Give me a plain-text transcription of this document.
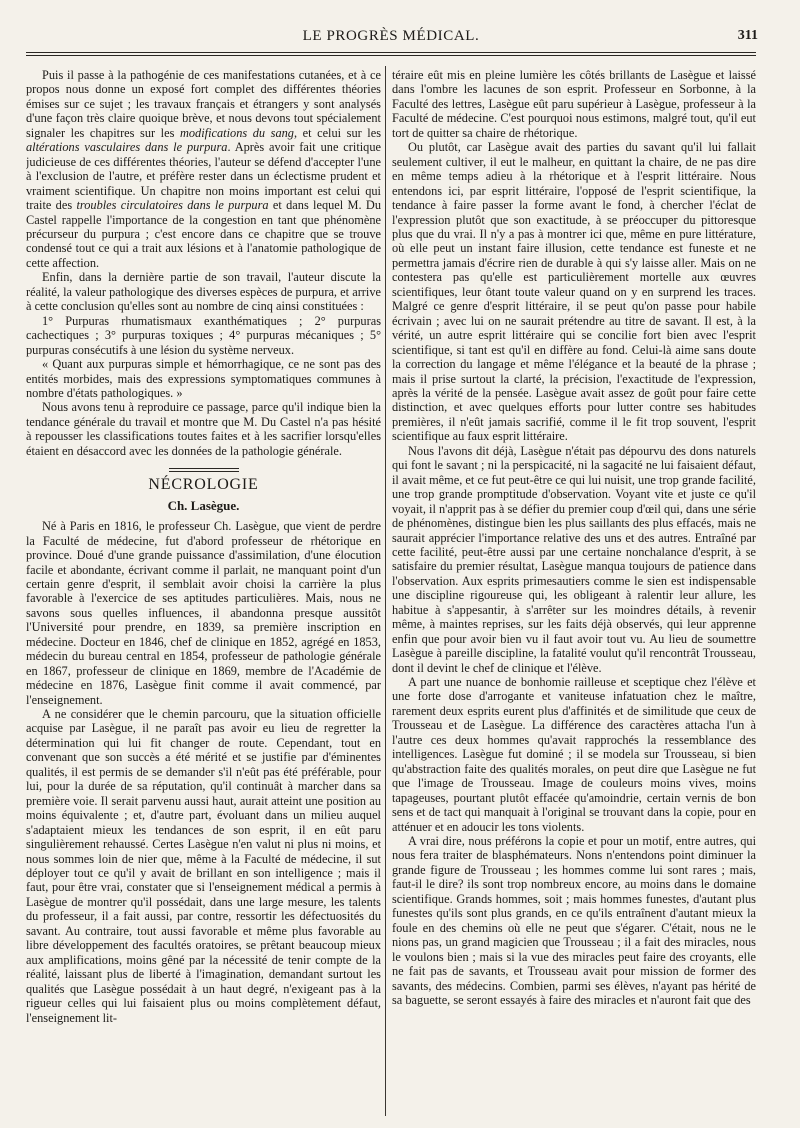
LE PROGRÈS MÉDICAL.	311

Puis il passe à la pathogénie de ces manifestations cutanées, et à ce propos nous donne un exposé fort complet des différentes théories émises sur ce sujet ; les travaux français et étrangers y sont analysés d'une façon très claire quoique brève, et nous devons tout spécialement signaler les chapitres sur les modifications du sang, et celui sur les altérations vasculaires dans le purpura. Après avoir fait une critique judicieuse de ces différentes théories, l'auteur se défend d'accepter l'une à l'exclusion de l'autre, et préfère rester dans un éclectisme prudent et vraiment scientifique. Un chapitre non moins important est celui qui traite des troubles circulatoires dans le purpura et dans lequel M. Du Castel rappelle l'importance de la congestion en tant que phénomène précurseur du purpura ; c'est encore dans ce chapitre que se trouve condensé tout ce qui a trait aux lésions et à l'anatomie pathologique de cette affection.

Enfin, dans la dernière partie de son travail, l'auteur discute la réalité, la valeur pathologique des diverses espèces de purpura, et arrive à cette conclusion qu'elles sont au nombre de cinq ainsi constituées :

1° Purpuras rhumatismaux exanthématiques ; 2° purpuras cachectiques ; 3° purpuras toxiques ; 4° purpuras mécaniques ; 5° purpuras consécutifs à une lésion du système nerveux.

« Quant aux purpuras simple et hémorrhagique, ce ne sont pas des entités morbides, mais des expressions symptomatiques communes à nombre d'états pathologiques. »

Nous avons tenu à reproduire ce passage, parce qu'il indique bien la tendance générale du travail et montre que M. Du Castel n'a pas hésité à repousser les classifications toutes faites et à les sacrifier lorsqu'elles étaient en désaccord avec les données de la pathologie générale.

NÉCROLOGIE
Ch. Lasègue.

Né à Paris en 1816, le professeur Ch. Lasègue, que vient de perdre la Faculté de médecine, fut d'abord professeur de rhétorique en province. Doué d'une grande puissance d'assimilation, d'une élocution facile et abondante, écrivant comme il parlait, ne manquant point d'un certain genre d'esprit, il semblait avoir choisi la carrière la plus favorable à l'exercice de ses aptitudes particulières. Mais, nous ne savons sous quelles influences, il abandonna presque aussitôt l'Université pour prendre, en 1839, sa première inscription en médecine. Docteur en 1846, chef de clinique en 1852, agrégé en 1853, médecin du bureau central en 1854, professeur de pathologie générale en 1867, professeur de clinique en 1869, membre de l'Académie de médecine en 1876, Lasègue finit comme il avait commencé, par l'enseignement.

A ne considérer que le chemin parcouru, que la situation officielle acquise par Lasègue, il ne paraît pas avoir eu lieu de regretter la détermination qui lui fit changer de route. Cependant, tout en convenant que son succès a été mérité et se justifie par d'éminentes qualités, il est permis de se demander s'il n'eût pas été préférable, pour lui, pour la durée de sa réputation, qu'il continuât à marcher dans sa première voie. Il serait parvenu aussi haut, aurait atteint une position au moins équivalente ; et, d'autre part, évoluant dans un milieu auquel s'adaptaient mieux les tendances de son esprit, il en eût paru singulièrement rehaussé. Certes Lasègue n'en valut ni plus ni moins, et nous sommes loin de nier que, même à la Faculté de médecine, il sut déployer tout ce qu'il y avait de brillant en son intelligence ; mais il faut, pour être vrai, constater que si l'enseignement médical a permis à Lasègue de montrer qu'il possédait, dans une large mesure, les talents du professeur, il a fait aussi, par contre, ressortir les défectuosités du savant. Au contraire, tout aussi favorable et même plus favorable au libre développement des facultés oratoires, se prêtant beaucoup mieux aux amplifications, moins gêné par la nécessité de tenir compte de la réalité, laissant plus de liberté à l'imagination, demandant surtout les qualités que Lasègue possédait à un haut degré, n'exigeant pas à la rigueur celles qui lui faisaient plus ou moins complètement défaut, l'enseignement lit-

téraire eût mis en pleine lumière les côtés brillants de Lasègue et laissé dans l'ombre les lacunes de son esprit. Professeur en Sorbonne, à la Faculté des lettres, Lasègue eût paru supérieur à Lasègue, professeur à la Faculté de médecine. C'est pourquoi nous estimons, malgré tout, qu'il eut tort de quitter sa chaire de rhétorique.

Ou plutôt, car Lasègue avait des parties du savant qu'il lui fallait seulement cultiver, il eut le malheur, en quittant la chaire, de ne pas dire en même temps adieu à la rhétorique et à l'esprit littéraire. Nous entendons ici, par esprit littéraire, l'opposé de l'esprit scientifique, la tendance à faire passer la forme avant le fond, à chercher l'éclat de l'expression plutôt que son exactitude, à se préoccuper du pittoresque plus que du vrai. Il n'y a pas à montrer ici que, même en pure littérature, où elle peut un instant faire illusion, cette tendance est funeste et ne permettra jamais d'écrire rien de durable à qui s'y laisse aller. Mais on ne contestera pas qu'elle est particulièrement mortelle aux œuvres scientifiques, leur ôtant toute valeur quand on y en surprend les traces. Malgré ce genre d'esprit littéraire, il se peut qu'on passe pour habile écrivain ; avec lui on ne saurait prétendre au titre de savant. Il est, à la vérité, un autre esprit littéraire qui se concilie fort bien avec l'esprit scientifique, si tant est qu'il en diffère au fond. Celui-là aime sans doute la correction du langage et même l'élégance et la beauté de la phrase ; mais il prise surtout la clarté, la précision, l'exactitude de l'expression, après la vérité de la pensée. Lasègue avait assez de goût pour faire cette distinction, et avec quelques efforts pour lutter contre ses habitudes premières, il n'eût jamais sacrifié, comme il le fit trop souvent, l'esprit scientifique au faux esprit littéraire.

Nous l'avons dit déjà, Lasègue n'était pas dépourvu des dons naturels qui font le savant ; ni la perspicacité, ni la sagacité ne lui faisaient défaut, il avait même, et ce fut peut-être ce qui lui nuisit, une trop grande facilité, une trop grande promptitude d'observation. Voyant vite et juste ce qu'il voyait, il n'apprit pas à se défier du premier coup d'œil qui, dans une série de phénomènes, distingue bien les plus saillants des plus effacés, mais ne saurait apprécier l'importance relative des uns et des autres. Entraîné par cette facilité, peut-être aussi par une certaine nonchalance d'esprit, à se satisfaire du premier résultat, Lasègue manqua toujours de patience dans l'observation. Aux esprits primesautiers comme le sien est indispensable une discipline rigoureuse qui, les obligeant à ralentir leur allure, les habitue à s'appesantir, à s'arrêter sur les moindres détails, à revenir même, à maintes reprises, sur les faits déjà observés, qui leur apprenne enfin que pour avoir bien vu il faut avoir tout vu. Au lieu de soumettre Lasègue à pareille discipline, la fatalité voulut qu'il rencontrât Trousseau, dont il devint le chef de clinique et l'élève.

A part une nuance de bonhomie railleuse et sceptique chez l'élève et une forte dose d'arrogante et vaniteuse infatuation chez le maître, rarement deux esprits eurent plus d'affinités et de similitude que ceux de Trousseau et de Lasègue. La différence des caractères attacha l'un à l'autre ces deux hommes qu'avait rapprochés la ressemblance des intelligences. Lasègue fut dominé ; il se modela sur Trousseau, si bien qu'abstraction faite des qualités morales, on peut dire que Lasègue ne fut que l'image de Trousseau. Image de couleurs moins vives, moins tapageuses, pourtant plutôt effacée qu'amoindrie, certain vernis de bon sens et de tact qui manquait à l'original se trouvant dans la copie, pour en atténuer et en adoucir les tons violents.

A vrai dire, nous préférons la copie et pour un motif, entre autres, qui nous fera traiter de blasphémateurs. Nons n'entendons point diminuer la grande figure de Trousseau ; les hommes comme lui sont rares ; mais, faut-il le dire? ils sont trop nombreux encore, au moins dans le domaine scientifique. Grands hommes, soit ; mais hommes funestes, d'autant plus funestes qu'ils sont plus grands, en ce qu'ils entraînent d'autant mieux la foule en des chemins où elle ne peut que s'égarer. C'était, nous ne le nions pas, un grand magicien que Trousseau ; il a fait des miracles, nous le voulons bien ; mais si la vue des miracles peut faire des croyants, elle ne fait pas de savants, et Trousseau avait pour mission de former des savants, des médecins. Combien, parmi ses élèves, n'ayant pas hérité de sa baguette, se seront essayés à faire des miracles et n'auront fait que des
